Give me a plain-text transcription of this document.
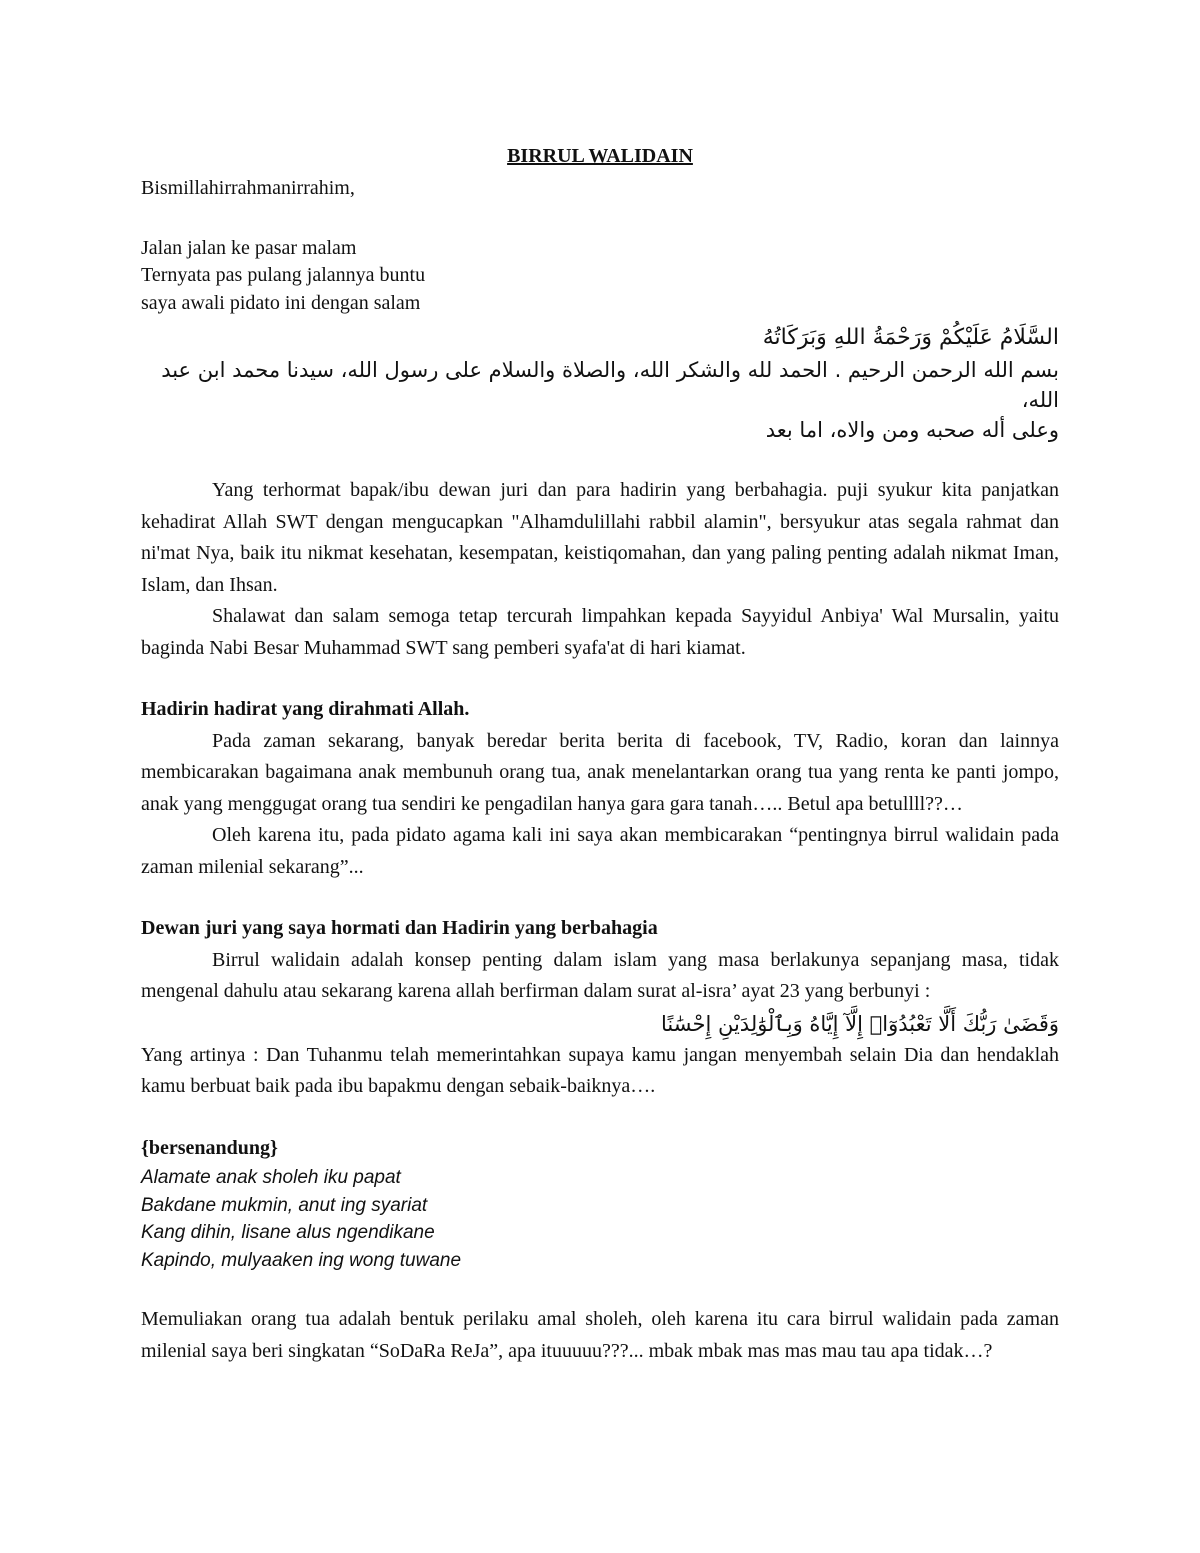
BIRRUL WALIDAIN

Bismillahirrahmanirrahim,

Jalan jalan ke pasar malam

Ternyata pas pulang jalannya buntu

saya awali pidato ini dengan salam

السَّلَامُ عَلَيْكُمْ وَرَحْمَةُ اللهِ وَبَرَكَاتُهُ

بسم الله الرحمن الرحيم . الحمد لله والشكر الله، والصلاة والسلام على رسول الله، سيدنا محمد ابن عبد الله،

وعلى أله صحبه ومن والاه، اما بعد

Yang terhormat bapak/ibu dewan juri dan para hadirin yang berbahagia. puji syukur kita panjatkan kehadirat Allah SWT dengan mengucapkan "Alhamdulillahi rabbil alamin", bersyukur atas segala rahmat dan ni'mat Nya, baik itu nikmat kesehatan, kesempatan, keistiqomahan, dan yang paling penting adalah nikmat Iman, Islam, dan Ihsan.

Shalawat dan salam semoga tetap tercurah limpahkan kepada Sayyidul Anbiya' Wal Mursalin, yaitu baginda Nabi Besar Muhammad SWT sang pemberi syafa'at di hari kiamat.

Hadirin hadirat yang dirahmati Allah.

Pada zaman sekarang, banyak beredar berita berita di facebook, TV, Radio, koran dan lainnya membicarakan bagaimana anak membunuh orang tua, anak menelantarkan orang tua yang renta ke panti jompo, anak yang menggugat orang tua sendiri ke pengadilan hanya gara gara tanah….. Betul apa betullll??…

Oleh karena itu, pada pidato agama kali ini saya akan membicarakan “pentingnya birrul walidain pada zaman milenial sekarang”...

Dewan juri yang saya hormati dan Hadirin yang berbahagia

Birrul walidain adalah konsep penting dalam islam yang masa berlakunya sepanjang masa, tidak mengenal dahulu atau sekarang karena allah berfirman dalam surat al-isra’ ayat 23 yang berbunyi :

وَقَضَىٰ رَبُّكَ أَلَّا تَعْبُدُوٓا۟ إِلَّآ إِيَّاهُ وَبِٱلْوَٰلِدَيْنِ إِحْسَٰنًا

Yang artinya : Dan Tuhanmu telah memerintahkan supaya kamu jangan menyembah selain Dia dan hendaklah kamu berbuat baik pada ibu bapakmu dengan sebaik-baiknya….

{bersenandung}

Alamate anak sholeh iku papat

Bakdane mukmin, anut ing syariat

Kang dihin, lisane alus ngendikane

Kapindo, mulyaaken ing wong tuwane

Memuliakan orang tua adalah bentuk perilaku amal sholeh, oleh karena itu cara birrul walidain pada zaman milenial saya beri singkatan “SoDaRa ReJa”, apa ituuuuu???... mbak mbak mas mas mau tau apa tidak…?
